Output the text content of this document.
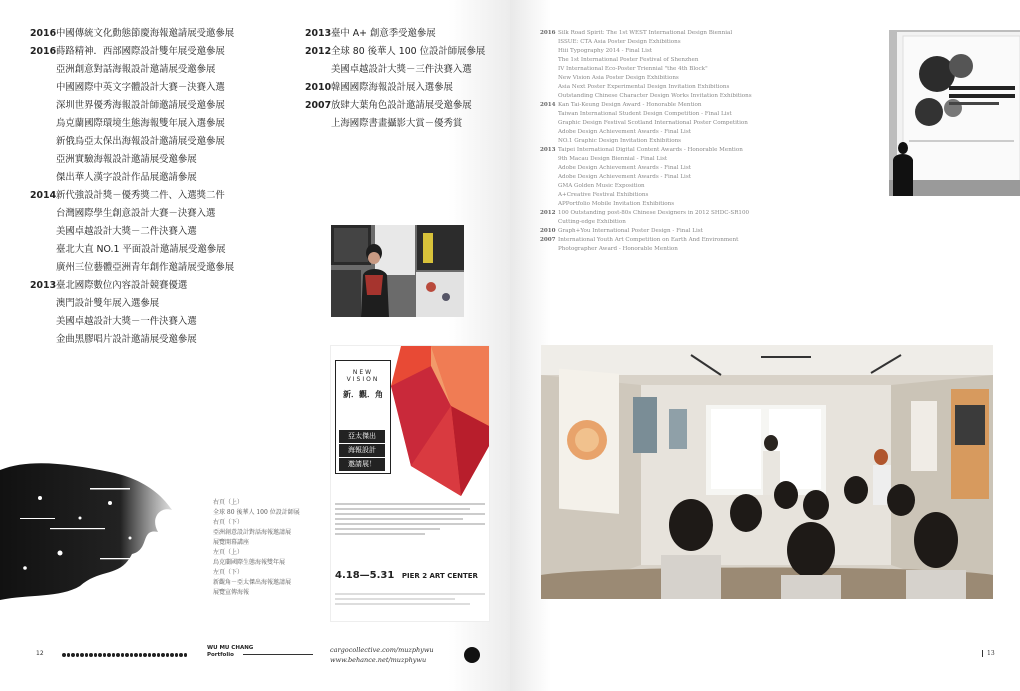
2016中國傳統文化動態節慶海報邀請展受邀參展
2016蒔路精神．西部國際設計雙年展受邀參展
亞洲創意對話海報設計邀請展受邀參展
中國國際中英文字體設計大賽－決賽入選
深圳世界優秀海報設計師邀請展受邀參展
烏克蘭國際環境生態海報雙年展入選參展
新俄烏亞太保出海報設計邀請展受邀參展
亞洲實驗海報設計邀請展受邀參展
傑出華人漢字設計作品展邀請參展
2014新代強設計獎－優秀獎二件、入選獎二件
台灣國際學生創意設計大賽－決賽入選
美國卓越設計大獎－二件決賽入選
臺北大直 NO.1 平面設計邀請展受邀參展
廣州三位藝體亞洲青年創作邀請展受邀參展
2013臺北國際數位內容設計競賽優選
澳門設計雙年展入選參展
美國卓越設計大獎－一件決賽入選
金曲黑膠唱片設計邀請展受邀參展
2013臺中 A+ 創意季受邀參展
2012全球 80 後華人 100 位設計師展參展
美國卓越設計大獎－三件決賽入選
2010韓國國際海報設計展入選參展
2007放肆大葉角色設計邀請展受邀參展
上海國際書畫攝影大賞－優秀賞
NEW VISION
新．觀．角
亞太傑出
海報設計
邀請展！
4.18—5.31 PIER 2 ART CENTER
右頁（上）
全球 80 後華人 100 位設計師展
右頁（下）
亞洲創意設計對話海報邀請展
展覽開幕講座
左頁（上）
烏克蘭國際生態海報雙年展
左頁（下）
新觀角－亞太傑出海報邀請展
展覽宣傳海報
12
WU MU CHANG
Portfolio
cargocollective.com/muzphywu
www.behance.net/muzphywu
2016 Silk Road Spirit: The 1st WEST International Design Biennial
ISSUE: CTA Asia Poster Design Exhibitions
Hiii Typography 2014 - Final List
The 1st International Poster Festival of Shenzhen
IV International Eco-Poster Triennial "the 4th Block"
New Vision Asia Poster Design Exhibitions
Asia Next Poster Experimental Design Invitation Exhibitions
Outstanding Chinese Character Design Works Invitation Exhibitions
2014 Kan Tai-Keung Design Award - Honorable Mention
Taiwan International Student Design Competition - Final List
Graphic Design Festival Scotland International Poster Competition
Adobe Design Achievement Awards - Final List
NO.1 Graphic Design Invitation Exhibitions
2013 Taipei International Digital Content Awards - Honorable Mention
9th Macau Design Biennial - Final List
Adobe Design Achievement Awards - Final List
Adobe Design Achievement Awards - Final List
GMA Golden Music Exposition
A+Creative Festival Exhibitions
APPortfolio Mobile Invitation Exhibitions
2012 100 Outstanding post-80s Chinese Designers in 2012 SHDC-SR100
Cutting-edge Exhibition
2010 Graph+You International Poster Design - Final List
2007 International Youth Art Competition on Earth And Environment
Photographer Award - Honorable Mention
13
